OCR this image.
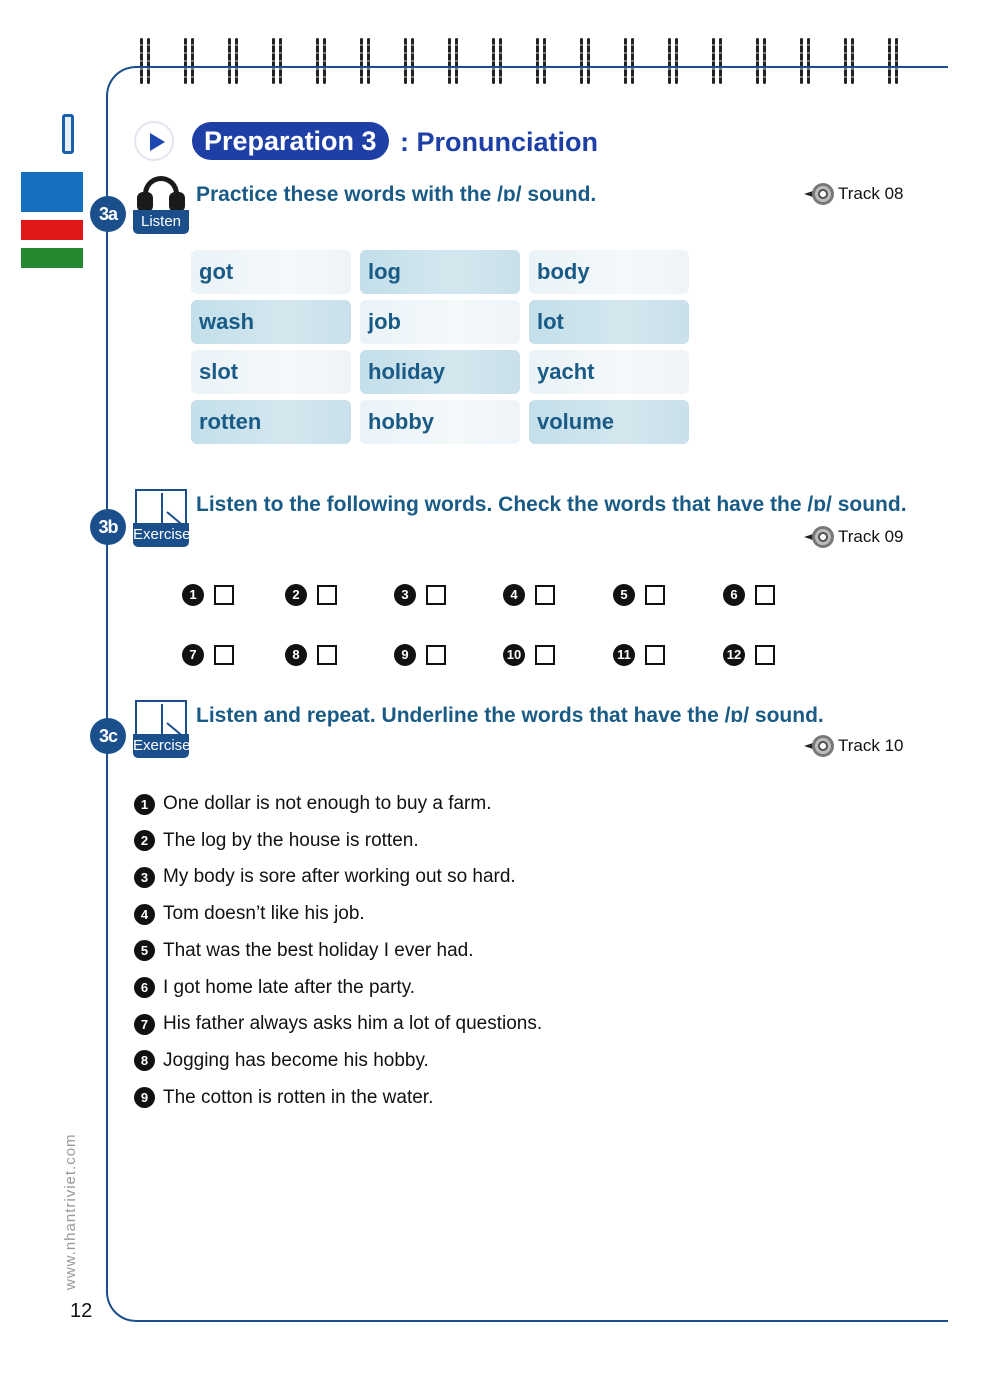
Preparation 3 : Pronunciation
3a	Listen
Practice these words with the /ɒ/ sound.	Track 08
got	log	body
wash	job	lot
slot	holiday	yacht
rotten	hobby	volume
3b	Exercise
Listen to the following words. Check the words that have the /ɒ/ sound.
Track 09
1	2	3	4	5	6
7	8	9	10	11	12
3c	Exercise
Listen and repeat. Underline the words that have the /ɒ/ sound.
Track 10
1 One dollar is not enough to buy a farm.
2 The log by the house is rotten.
3 My body is sore after working out so hard.
4 Tom doesn’t like his job.
5 That was the best holiday I ever had.
6 I got home late after the party.
7 His father always asks him a lot of questions.
8 Jogging has become his hobby.
9 The cotton is rotten in the water.
www.nhantriviet.com
12
